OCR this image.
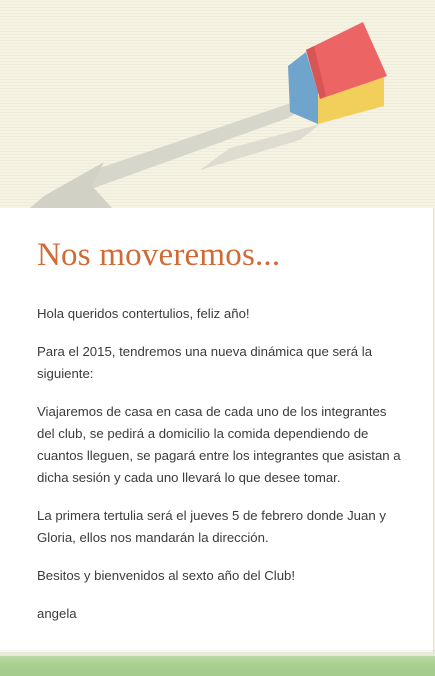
Nos moveremos...

Hola queridos contertulios, feliz año!

Para el 2015, tendremos una nueva dinámica que será la siguiente:

Viajaremos de casa en casa de cada uno de los integrantes del club, se pedirá a domicilio la comida dependiendo de cuantos lleguen, se pagará entre los integrantes que asistan a dicha sesión y cada uno llevará lo que desee tomar.

La primera tertulia será el jueves 5 de febrero donde Juan y Gloria, ellos nos mandarán la dirección.

Besitos y bienvenidos al sexto año del Club!

angela
